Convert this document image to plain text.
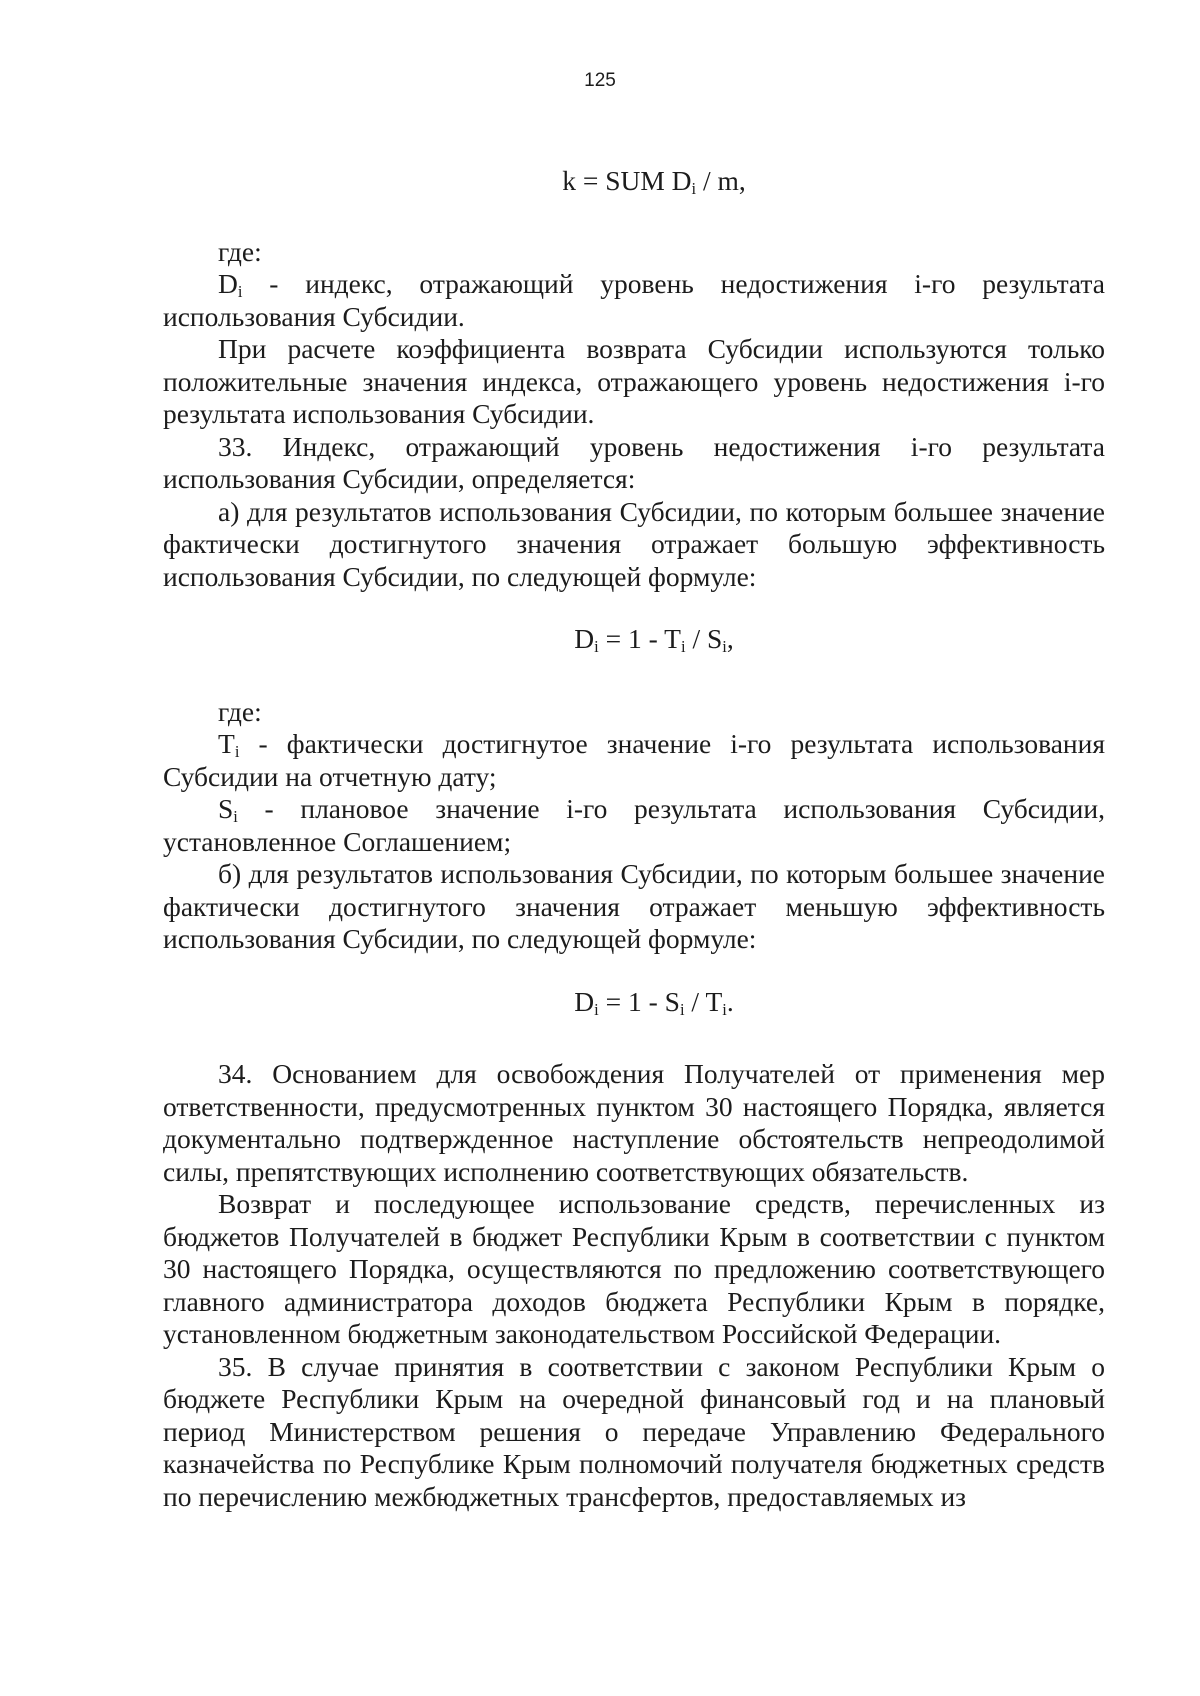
125
k = SUM $D_i$ / m,

где:

$D_i$ - индекс, отражающий уровень недостижения i-го результата использования Субсидии.

При расчете коэффициента возврата Субсидии используются только положительные значения индекса, отражающего уровень недостижения i-го результата использования Субсидии.

33. Индекс, отражающий уровень недостижения i-го результата использования Субсидии, определяется:

а) для результатов использования Субсидии, по которым большее значение фактически достигнутого значения отражает большую эффективность использования Субсидии, по следующей формуле:

$D_i = 1 - T_i / S_i$,

где:

$T_i$ - фактически достигнутое значение i-го результата использования Субсидии на отчетную дату;

$S_i$ - плановое значение i-го результата использования Субсидии, установленное Соглашением;

б) для результатов использования Субсидии, по которым большее значение фактически достигнутого значения отражает меньшую эффективность использования Субсидии, по следующей формуле:

$D_i = 1 - S_i / T_i$.

34. Основанием для освобождения Получателей от применения мер ответственности, предусмотренных пунктом 30 настоящего Порядка, является документально подтвержденное наступление обстоятельств непреодолимой силы, препятствующих исполнению соответствующих обязательств.

Возврат и последующее использование средств, перечисленных из бюджетов Получателей в бюджет Республики Крым в соответствии с пунктом 30 настоящего Порядка, осуществляются по предложению соответствующего главного администратора доходов бюджета Республики Крым в порядке, установленном бюджетным законодательством Российской Федерации.

35. В случае принятия в соответствии с законом Республики Крым о бюджете Республики Крым на очередной финансовый год и на плановый период Министерством решения о передаче Управлению Федерального казначейства по Республике Крым полномочий получателя бюджетных средств по перечислению межбюджетных трансфертов, предоставляемых из
